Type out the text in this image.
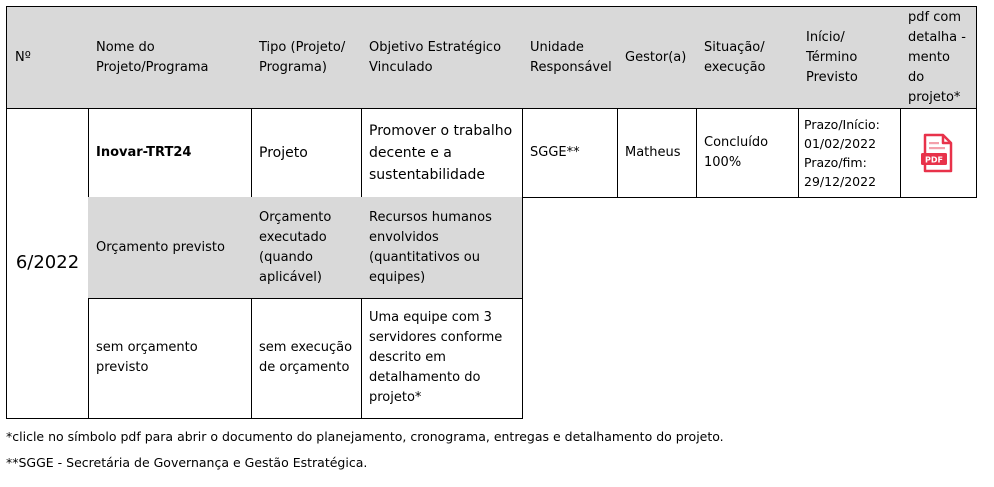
Nº
Nome do
Projeto/Programa
Tipo (Projeto/
Programa)
Objetivo Estratégico
Vinculado
Unidade
Responsável
Gestor(a)
Situação/
execução
Início/
Término
Previsto
pdf com
detalha -
mento do
projeto*
6/2022
Inovar-TRT24	Projeto
Promover o trabalho
decente e a
sustentabilidade
SGGE**	Matheus
Concluído
100%
Prazo/Início:
01/02/2022
Prazo/fim:
29/12/2022
PDF
Orçamento previsto
Orçamento
executado
(quando
aplicável)
Recursos humanos
envolvidos
(quantitativos ou
equipes)
sem orçamento previsto
sem execução
de orçamento
Uma equipe com 3
servidores conforme
descrito em
detalhamento do
projeto*
*clicle no símbolo pdf para abrir o documento do planejamento, cronograma, entregas e detalhamento do projeto.
**SGGE - Secretária de Governança e Gestão Estratégica.
